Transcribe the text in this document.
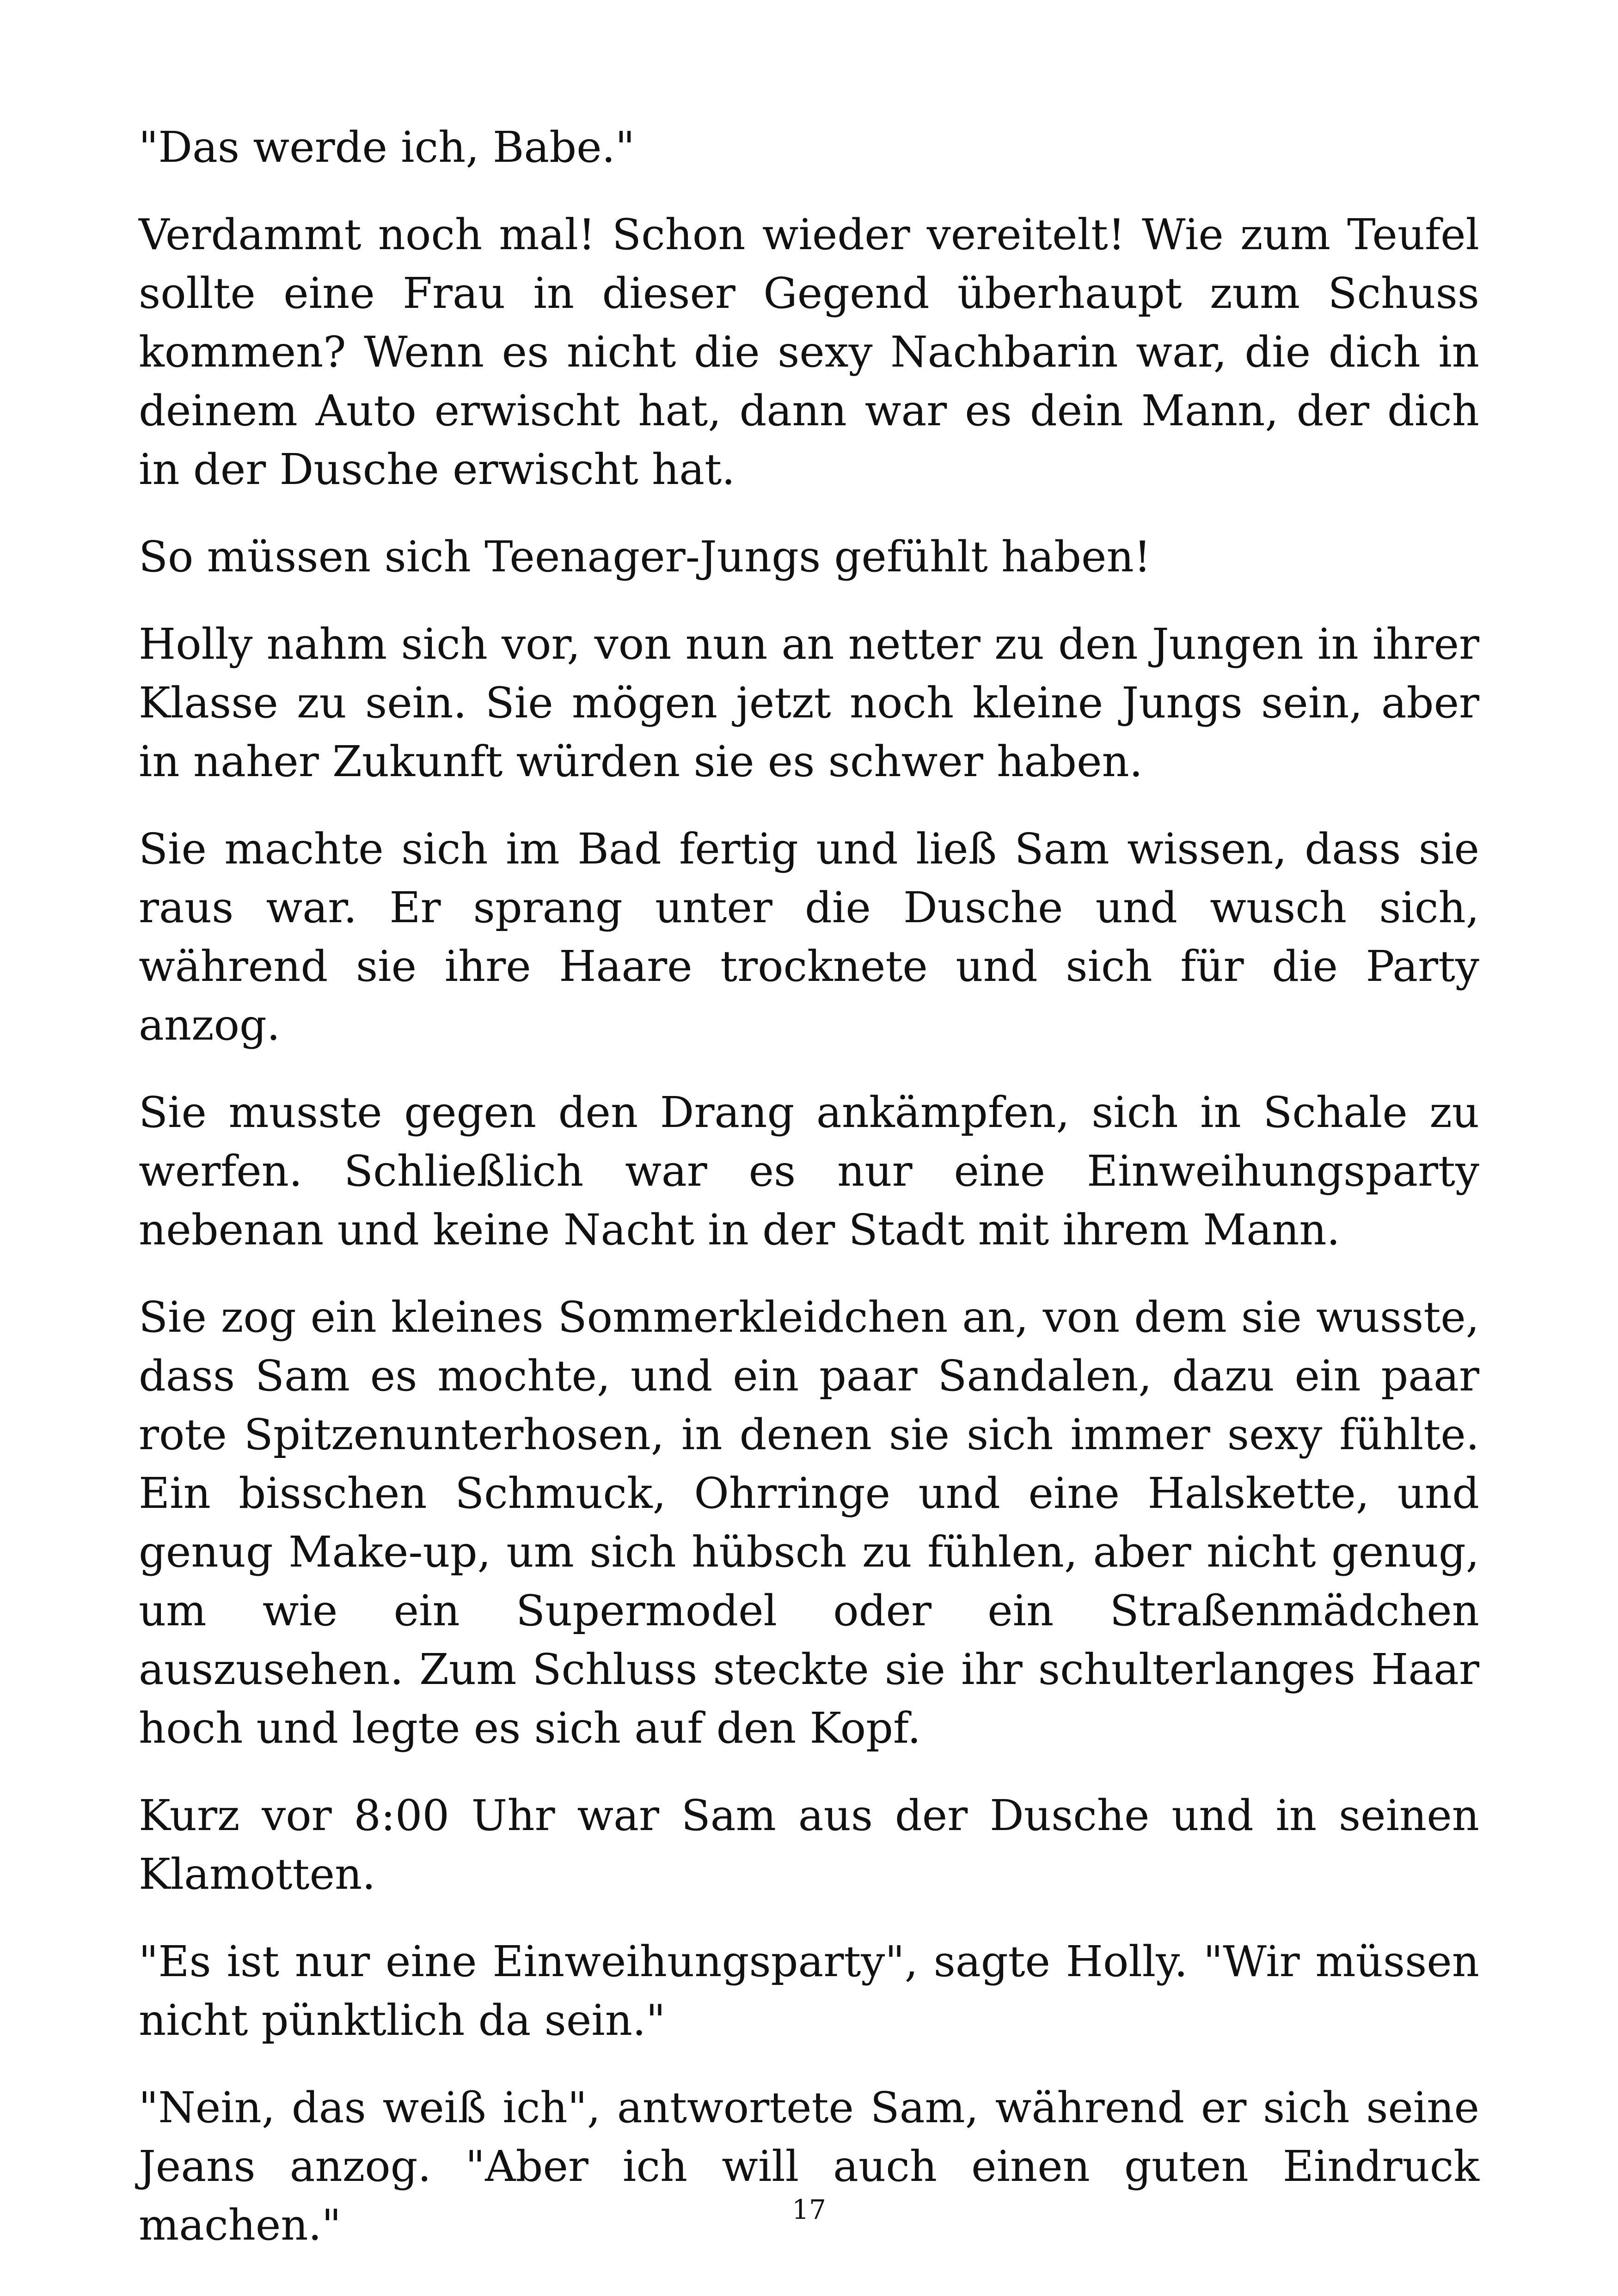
"Das werde ich, Babe."

Verdammt noch mal! Schon wieder vereitelt! Wie zum Teufel sollte eine Frau in dieser Gegend überhaupt zum Schuss kommen? Wenn es nicht die sexy Nachbarin war, die dich in deinem Auto erwischt hat, dann war es dein Mann, der dich in der Dusche erwischt hat.

So müssen sich Teenager-Jungs gefühlt haben!

Holly nahm sich vor, von nun an netter zu den Jungen in ihrer Klasse zu sein. Sie mögen jetzt noch kleine Jungs sein, aber in naher Zukunft würden sie es schwer haben.

Sie machte sich im Bad fertig und ließ Sam wissen, dass sie raus war. Er sprang unter die Dusche und wusch sich, während sie ihre Haare trocknete und sich für die Party anzog.

Sie musste gegen den Drang ankämpfen, sich in Schale zu werfen. Schließlich war es nur eine Einweihungsparty nebenan und keine Nacht in der Stadt mit ihrem Mann.

Sie zog ein kleines Sommerkleidchen an, von dem sie wusste, dass Sam es mochte, und ein paar Sandalen, dazu ein paar rote Spitzenunterhosen, in denen sie sich immer sexy fühlte. Ein bisschen Schmuck, Ohrringe und eine Halskette, und genug Make-up, um sich hübsch zu fühlen, aber nicht genug, um wie ein Supermodel oder ein Straßenmädchen auszusehen. Zum Schluss steckte sie ihr schulterlanges Haar hoch und legte es sich auf den Kopf.

Kurz vor 8:00 Uhr war Sam aus der Dusche und in seinen Klamotten.

"Es ist nur eine Einweihungsparty", sagte Holly. "Wir müssen nicht pünktlich da sein."

"Nein, das weiß ich", antwortete Sam, während er sich seine Jeans anzog. "Aber ich will auch einen guten Eindruck machen."	17
